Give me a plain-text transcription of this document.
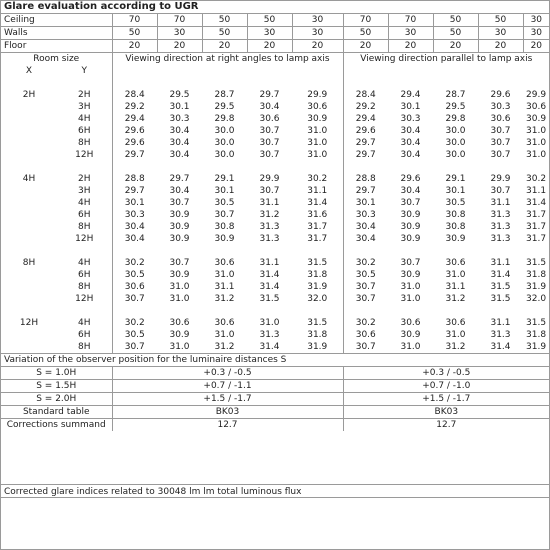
Glare evaluation according to UGR											
Ceiling		70	70	50	50	30	70	70	50	50	30
Walls		50	30	50	30	30	50	30	50	30	30
Floor		20	20	20	20	20	20	20	20	20	20
Room size		Viewing direction at right angles to lamp axis					Viewing direction parallel to lamp axis				
X	Y										

2H	2H	28.4	29.5	28.7	29.7	29.9	28.4	29.4	28.7	29.6	29.9
	3H	29.2	30.1	29.5	30.4	30.6	29.2	30.1	29.5	30.3	30.6
	4H	29.4	30.3	29.8	30.6	30.9	29.4	30.3	29.8	30.6	30.9
	6H	29.6	30.4	30.0	30.7	31.0	29.6	30.4	30.0	30.7	31.0
	8H	29.6	30.4	30.0	30.7	31.0	29.7	30.4	30.0	30.7	31.0
	12H	29.7	30.4	30.0	30.7	31.0	29.7	30.4	30.0	30.7	31.0

4H	2H	28.8	29.7	29.1	29.9	30.2	28.8	29.6	29.1	29.9	30.2
	3H	29.7	30.4	30.1	30.7	31.1	29.7	30.4	30.1	30.7	31.1
	4H	30.1	30.7	30.5	31.1	31.4	30.1	30.7	30.5	31.1	31.4
	6H	30.3	30.9	30.7	31.2	31.6	30.3	30.9	30.8	31.3	31.7
	8H	30.4	30.9	30.8	31.3	31.7	30.4	30.9	30.8	31.3	31.7
	12H	30.4	30.9	30.9	31.3	31.7	30.4	30.9	30.9	31.3	31.7

8H	4H	30.2	30.7	30.6	31.1	31.5	30.2	30.7	30.6	31.1	31.5
	6H	30.5	30.9	31.0	31.4	31.8	30.5	30.9	31.0	31.4	31.8
	8H	30.6	31.0	31.1	31.4	31.9	30.7	31.0	31.1	31.5	31.9
	12H	30.7	31.0	31.2	31.5	32.0	30.7	31.0	31.2	31.5	32.0

12H	4H	30.2	30.6	30.6	31.0	31.5	30.2	30.6	30.6	31.1	31.5
	6H	30.5	30.9	31.0	31.3	31.8	30.6	30.9	31.0	31.3	31.8
	8H	30.7	31.0	31.2	31.4	31.9	30.7	31.0	31.2	31.4	31.9
Variation of the observer position for the luminaire distances S											
S = 1.0H		+0.3 / -0.5					+0.3 / -0.5				
S = 1.5H		+0.7 / -1.1					+0.7 / -1.0				
S = 2.0H		+1.5 / -1.7					+1.5 / -1.7				
Standard table		BK03					BK03				
Corrections summand		12.7					12.7				
Corrected glare indices related to 30048 lm lm total luminous flux
